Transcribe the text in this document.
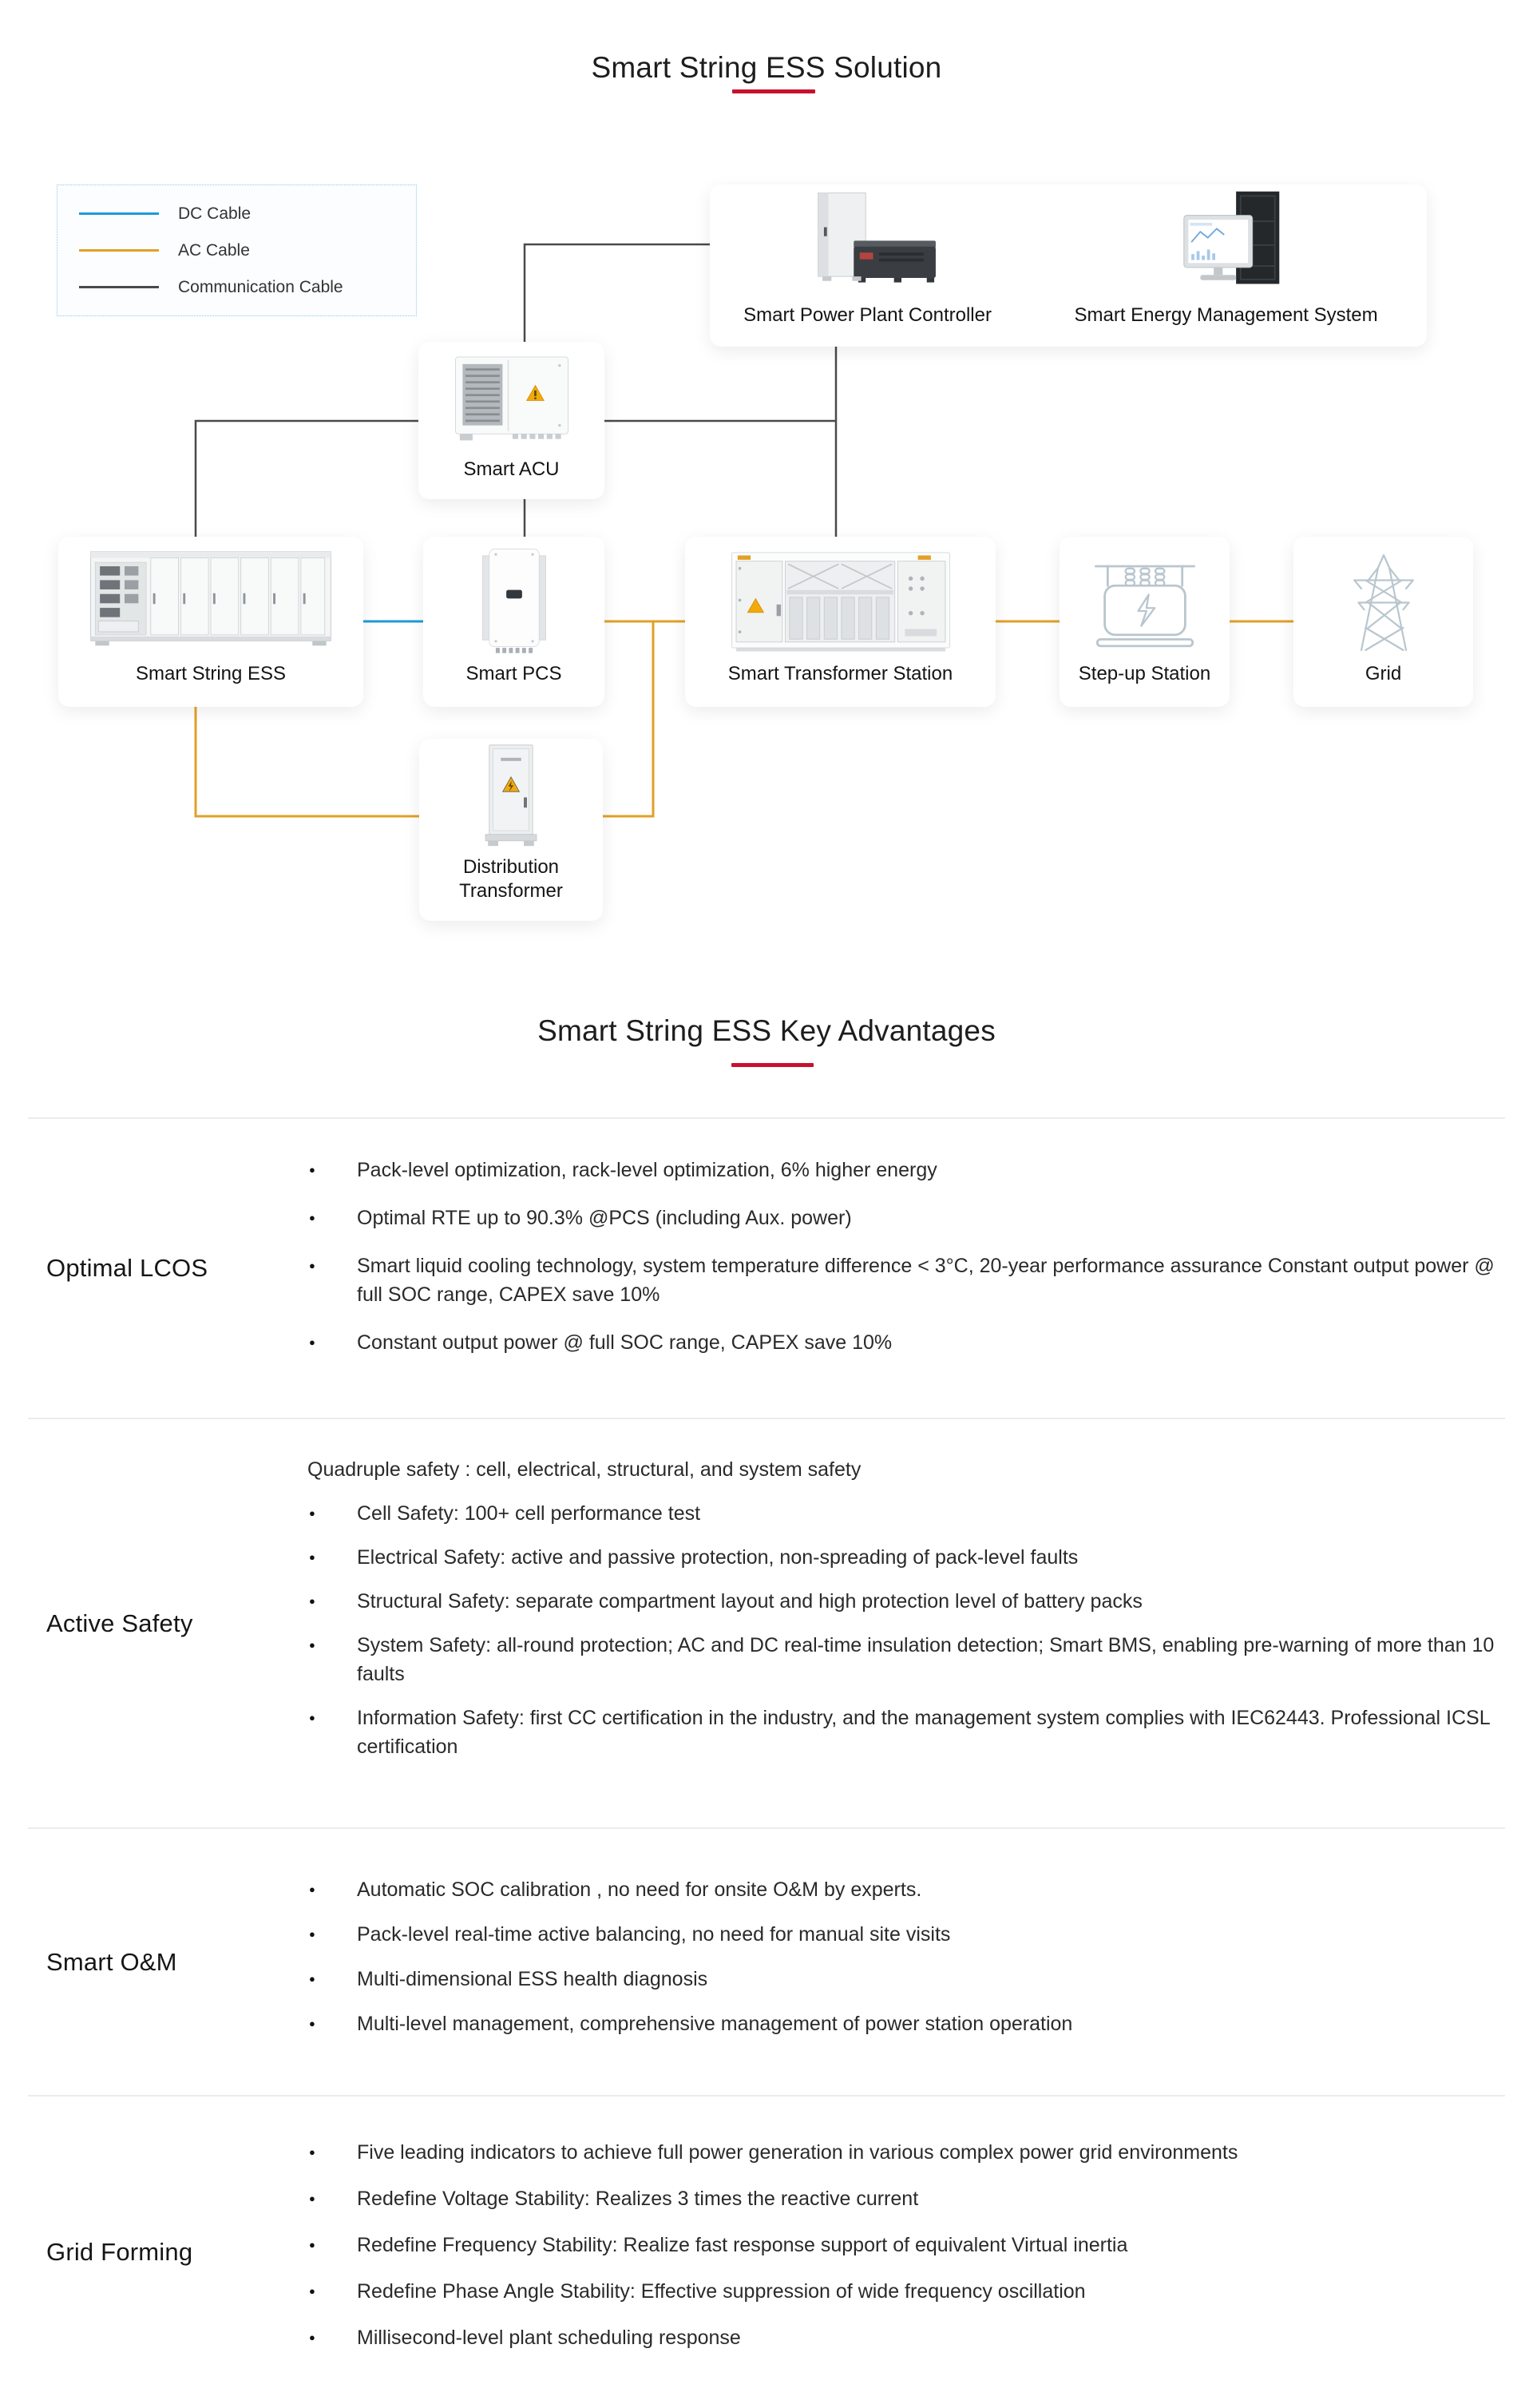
Smart String ESS Solution
DC Cable
AC Cable
Communication Cable
Smart Power Plant Controller	Smart Energy Management System
Smart ACU
Smart String ESS	Smart PCS	Smart Transformer Station	Step-up Station	Grid
Distribution Transformer
Smart String ESS Key Advantages
Optimal LCOS
● Pack-level optimization, rack-level optimization, 6% higher energy
● Optimal RTE up to 90.3% @PCS (including Aux. power)
● Smart liquid cooling technology, system temperature difference < 3°C, 20-year performance assurance Constant output power @ full SOC range, CAPEX save 10%
● Constant output power @ full SOC range, CAPEX save 10%
Active Safety
Quadruple safety : cell, electrical, structural, and system safety
● Cell Safety: 100+ cell performance test
● Electrical Safety: active and passive protection, non-spreading of pack-level faults
● Structural Safety: separate compartment layout and high protection level of battery packs
● System Safety: all-round protection; AC and DC real-time insulation detection; Smart BMS, enabling pre-warning of more than 10 faults
● Information Safety: first CC certification in the industry, and the management system complies with IEC62443. Professional ICSL certification
Smart O&M
● Automatic SOC calibration , no need for onsite O&M by experts.
● Pack-level real-time active balancing, no need for manual site visits
● Multi-dimensional ESS health diagnosis
● Multi-level management, comprehensive management of power station operation
Grid Forming
● Five leading indicators to achieve full power generation in various complex power grid environments
● Redefine Voltage Stability: Realizes 3 times the reactive current
● Redefine Frequency Stability: Realize fast response support of equivalent Virtual inertia
● Redefine Phase Angle Stability: Effective suppression of wide frequency oscillation
● Millisecond-level plant scheduling response
